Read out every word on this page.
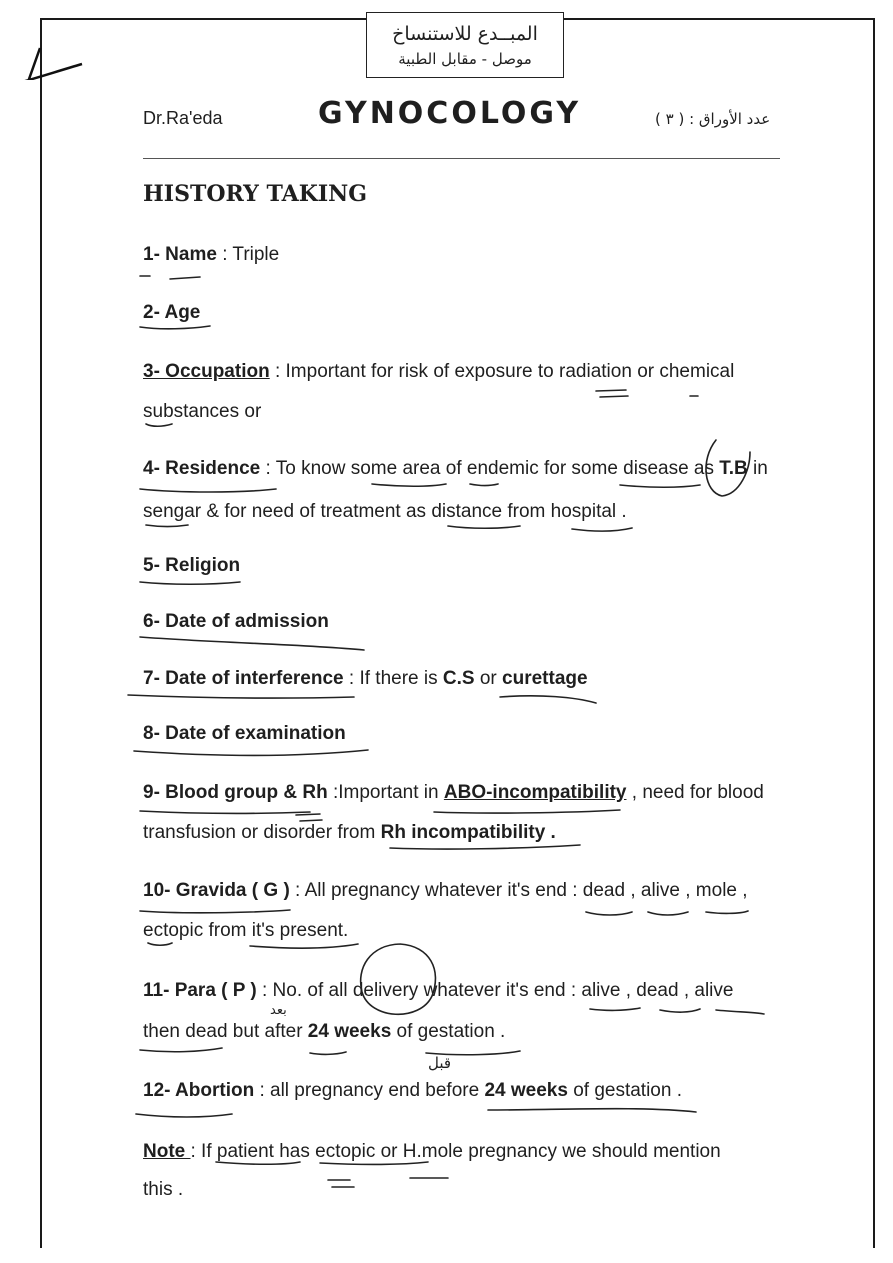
المبــدع للاستنساخ
موصل - مقابل الطبية
Dr.Ra'eda	GYNOCOLOGY	عدد الأوراق : ( ٣ )
HISTORY TAKING
1- Name : Triple
2- Age
3- Occupation : Important for risk of exposure to radiation or chemical
substances or
4- Residence : To know some area of endemic for some disease as T.B in
sengar & for need of treatment as distance from hospital .
5- Religion
6- Date of admission
7- Date of interference : If there is C.S or curettage
8- Date of examination
9- Blood group & Rh :Important in ABO-incompatibility , need for blood
transfusion or disorder from Rh incompatibility .
10- Gravida ( G ) : All pregnancy whatever it's end : dead , alive , mole ,
ectopic from it's present.
11- Para ( P ) : No. of all delivery whatever it's end : alive , dead , alive
بعد
then dead but after 24 weeks of gestation .
قبل
12- Abortion : all pregnancy end before 24 weeks of gestation .
Note : If patient has ectopic or H.mole pregnancy we should mention
this .
